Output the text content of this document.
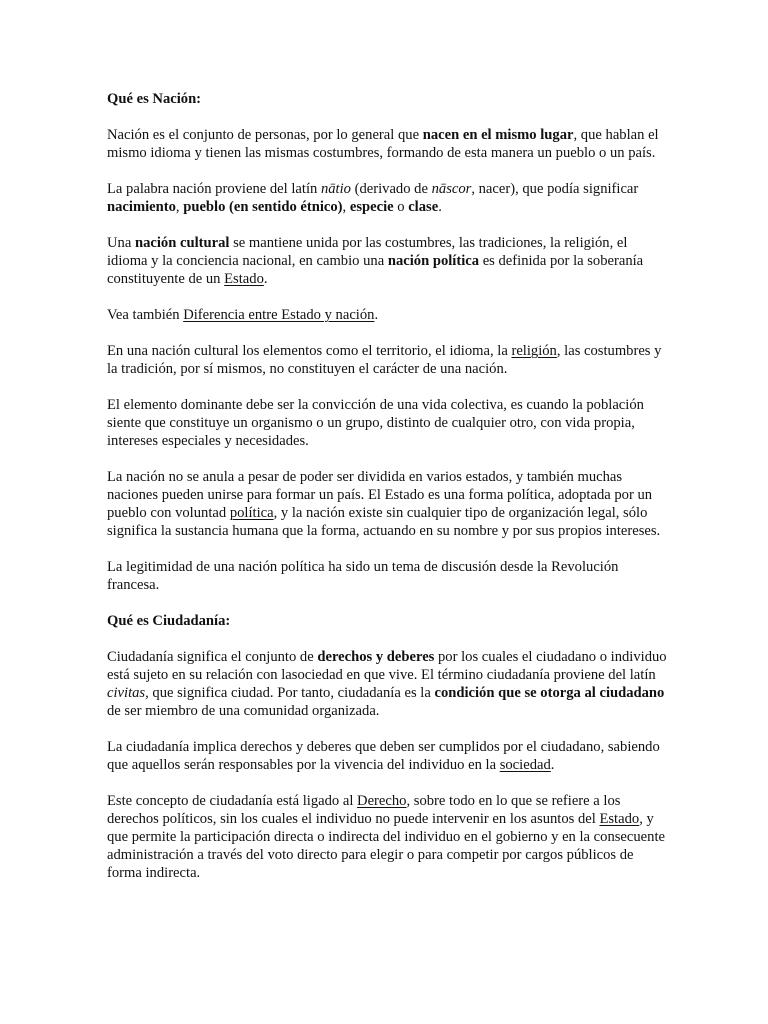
Qué es Nación:

Nación es el conjunto de personas, por lo general que nacen en el mismo lugar, que hablan el mismo idioma y tienen las mismas costumbres, formando de esta manera un pueblo o un país.

La palabra nación proviene del latín nātio (derivado de nāscor, nacer), que podía significar nacimiento, pueblo (en sentido étnico), especie o clase.

Una nación cultural se mantiene unida por las costumbres, las tradiciones, la religión, el idioma y la conciencia nacional, en cambio una nación política es definida por la soberanía constituyente de un Estado.

Vea también Diferencia entre Estado y nación.

En una nación cultural los elementos como el territorio, el idioma, la religión, las costumbres y la tradición, por sí mismos, no constituyen el carácter de una nación.

El elemento dominante debe ser la convicción de una vida colectiva, es cuando la población siente que constituye un organismo o un grupo, distinto de cualquier otro, con vida propia, intereses especiales y necesidades.

La nación no se anula a pesar de poder ser dividida en varios estados, y también muchas naciones pueden unirse para formar un país. El Estado es una forma política, adoptada por un pueblo con voluntad política, y la nación existe sin cualquier tipo de organización legal, sólo significa la sustancia humana que la forma, actuando en su nombre y por sus propios intereses.

La legitimidad de una nación política ha sido un tema de discusión desde la Revolución francesa.

Qué es Ciudadanía:

Ciudadanía significa el conjunto de derechos y deberes por los cuales el ciudadano o individuo está sujeto en su relación con lasociedad en que vive. El término ciudadanía proviene del latín civitas, que significa ciudad. Por tanto, ciudadanía es la condición que se otorga al ciudadano de ser miembro de una comunidad organizada.

La ciudadanía implica derechos y deberes que deben ser cumplidos por el ciudadano, sabiendo que aquellos serán responsables por la vivencia del individuo en la sociedad.

Este concepto de ciudadanía está ligado al Derecho, sobre todo en lo que se refiere a los derechos políticos, sin los cuales el individuo no puede intervenir en los asuntos del Estado, y que permite la participación directa o indirecta del individuo en el gobierno y en la consecuente administración a través del voto directo para elegir o para competir por cargos públicos de forma indirecta.
